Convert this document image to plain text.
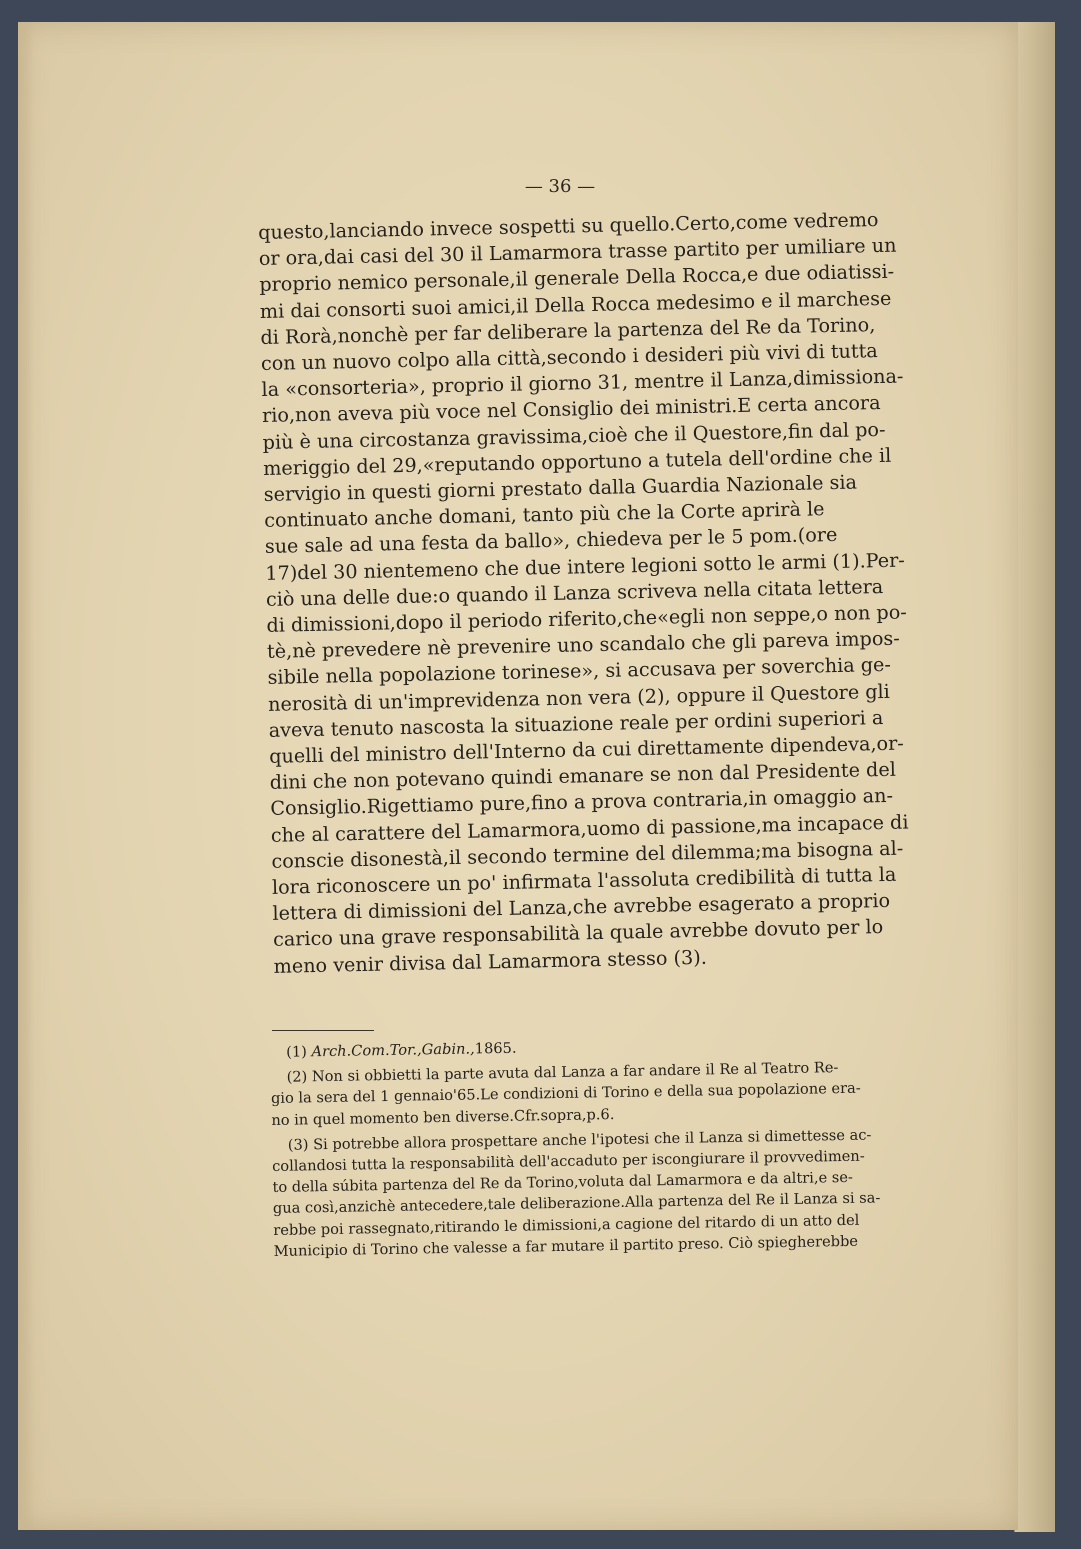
— 36 —
questo,lanciando invece sospetti su quello.Certo,come vedremo
or ora,dai casi del 30 il Lamarmora trasse partito per umiliare un
proprio nemico personale,il generale Della Rocca,e due odiatissi-
mi dai consorti suoi amici,il Della Rocca medesimo e il marchese
di Rorà,nonchè per far deliberare la partenza del Re da Torino,
con un nuovo colpo alla città,secondo i desideri più vivi di tutta
la «consorteria», proprio il giorno 31, mentre il Lanza,dimissiona-
rio,non aveva più voce nel Consiglio dei ministri.E certa ancora
più è una circostanza gravissima,cioè che il Questore,fin dal po-
meriggio del 29,«reputando opportuno a tutela dell'ordine che il
servigio in questi giorni prestato dalla Guardia Nazionale sia
continuato anche domani, tanto più che la Corte aprirà le
sue sale ad una festa da ballo», chiedeva per le 5 pom.(ore
17)del 30 nientemeno che due intere legioni sotto le armi (1).Per-
ciò una delle due:o quando il Lanza scriveva nella citata lettera
di dimissioni,dopo il periodo riferito,che«egli non seppe,o non po-
tè,nè prevedere nè prevenire uno scandalo che gli pareva impos-
sibile nella popolazione torinese», si accusava per soverchia ge-
nerosità di un'imprevidenza non vera (2), oppure il Questore gli
aveva tenuto nascosta la situazione reale per ordini superiori a
quelli del ministro dell'Interno da cui direttamente dipendeva,or-
dini che non potevano quindi emanare se non dal Presidente del
Consiglio.Rigettiamo pure,fino a prova contraria,in omaggio an-
che al carattere del Lamarmora,uomo di passione,ma incapace di
conscie disonestà,il secondo termine del dilemma;ma bisogna al-
lora riconoscere un po' infirmata l'assoluta credibilità di tutta la
lettera di dimissioni del Lanza,che avrebbe esagerato a proprio
carico una grave responsabilità la quale avrebbe dovuto per lo
meno venir divisa dal Lamarmora stesso (3).
(1) Arch.Com.Tor.,Gabin.,1865.
(2) Non si obbietti la parte avuta dal Lanza a far andare il Re al Teatro Re-
gio la sera del 1 gennaio'65.Le condizioni di Torino e della sua popolazione era-
no in quel momento ben diverse.Cfr.sopra,p.6.
(3) Si potrebbe allora prospettare anche l'ipotesi che il Lanza si dimettesse ac-
collandosi tutta la responsabilità dell'accaduto per iscongiurare il provvedimen-
to della súbita partenza del Re da Torino,voluta dal Lamarmora e da altri,e se-
gua così,anzichè antecedere,tale deliberazione.Alla partenza del Re il Lanza si sa-
rebbe poi rassegnato,ritirando le dimissioni,a cagione del ritardo di un atto del
Municipio di Torino che valesse a far mutare il partito preso. Ciò spiegherebbe
